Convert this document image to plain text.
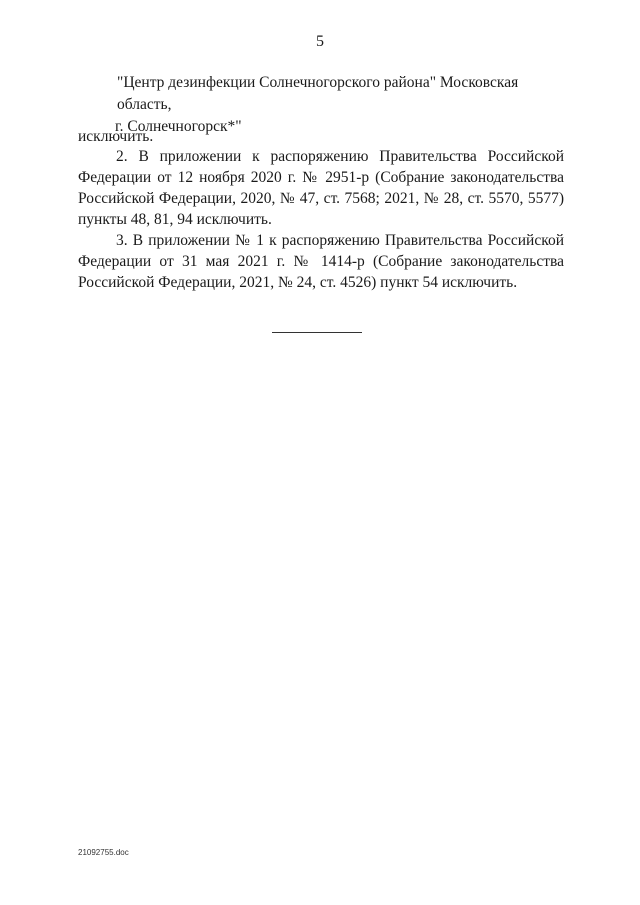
5
"Центр дезинфекции Солнечногорского района" Московская область,
г. Солнечногорск*"
исключить.
2. В приложении к распоряжению Правительства Российской Федерации от 12 ноября 2020 г. № 2951-р (Собрание законодательства Российской Федерации, 2020, № 47, ст. 7568; 2021, № 28, ст. 5570, 5577) пункты 48, 81, 94 исключить.
3. В приложении № 1 к распоряжению Правительства Российской Федерации от 31 мая 2021 г. № 1414-р (Собрание законодательства Российской Федерации, 2021, № 24, ст. 4526) пункт 54 исключить.
21092755.doc
